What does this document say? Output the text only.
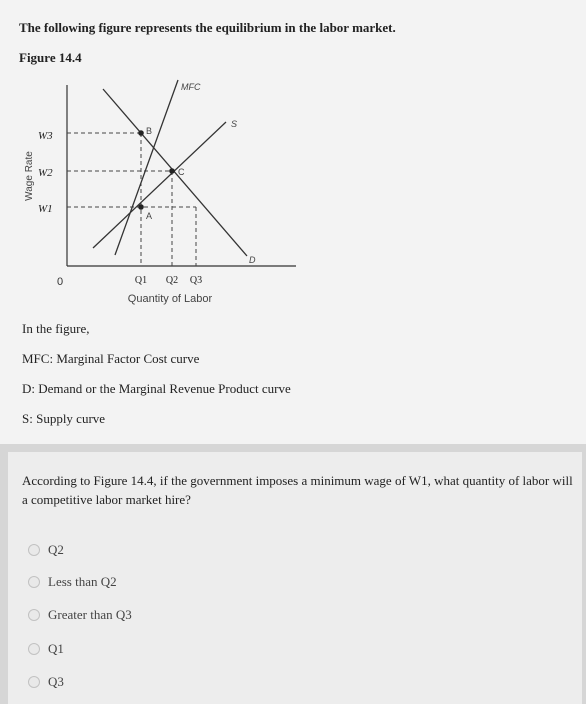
The following figure represents the equilibrium in the labor market.
Figure 14.4
Wage Rate
W3
W2
W1
0	Q1 Q2 Q3
Quantity of Labor
MFC
S
D
B
C
A
In the figure,
MFC: Marginal Factor Cost curve
D: Demand or the Marginal Revenue Product curve
S: Supply curve
According to Figure 14.4, if the government imposes a minimum wage of W1, what quantity of labor will a competitive labor market hire?
Q2
Less than Q2
Greater than Q3
Q1
Q3
